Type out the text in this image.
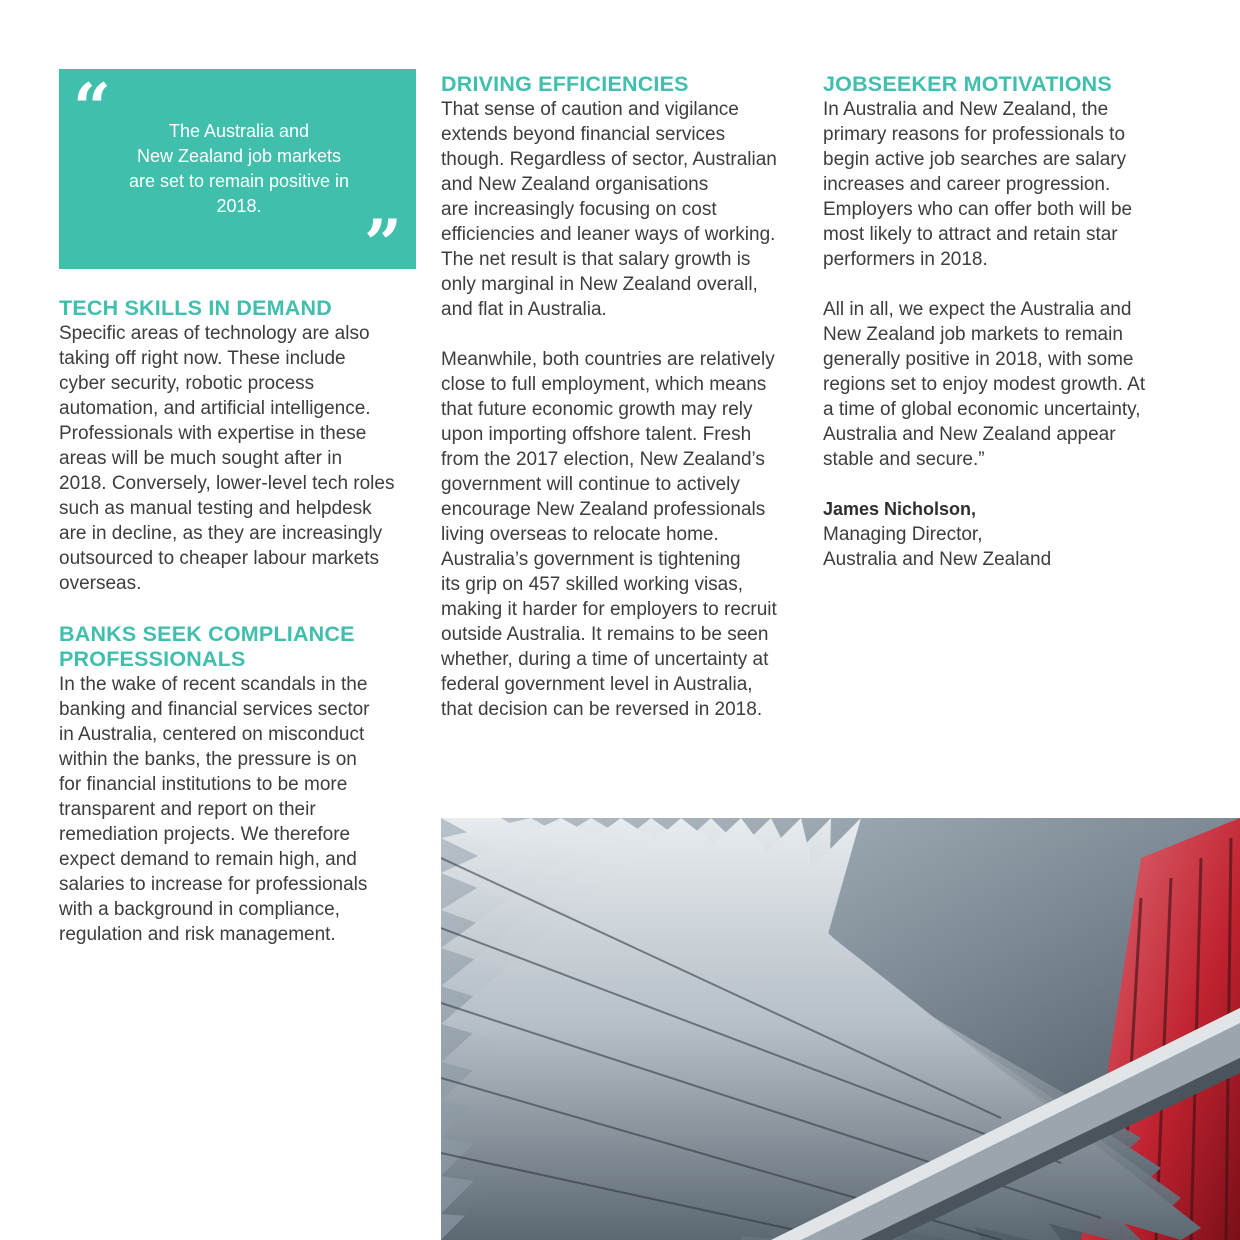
“	The Australia and
New Zealand job markets
are set to remain positive in
2018.	”
TECH SKILLS IN DEMAND

Specific areas of technology are also
taking off right now. These include
cyber security, robotic process
automation, and artificial intelligence.
Professionals with expertise in these
areas will be much sought after in
2018. Conversely, lower-level tech roles
such as manual testing and helpdesk
are in decline, as they are increasingly
outsourced to cheaper labour markets
overseas.

BANKS SEEK COMPLIANCE
PROFESSIONALS

In the wake of recent scandals in the
banking and financial services sector
in Australia, centered on misconduct
within the banks, the pressure is on
for financial institutions to be more
transparent and report on their
remediation projects. We therefore
expect demand to remain high, and
salaries to increase for professionals
with a background in compliance,
regulation and risk management.

DRIVING EFFICIENCIES

That sense of caution and vigilance
extends beyond financial services
though. Regardless of sector, Australian
and New Zealand organisations
are increasingly focusing on cost
efficiencies and leaner ways of working.
The net result is that salary growth is
only marginal in New Zealand overall,
and flat in Australia.

Meanwhile, both countries are relatively
close to full employment, which means
that future economic growth may rely
upon importing offshore talent. Fresh
from the 2017 election, New Zealand’s
government will continue to actively
encourage New Zealand professionals
living overseas to relocate home.
Australia’s government is tightening
its grip on 457 skilled working visas,
making it harder for employers to recruit
outside Australia. It remains to be seen
whether, during a time of uncertainty at
federal government level in Australia,
that decision can be reversed in 2018.

JOBSEEKER MOTIVATIONS

In Australia and New Zealand, the
primary reasons for professionals to
begin active job searches are salary
increases and career progression.
Employers who can offer both will be
most likely to attract and retain star
performers in 2018.

All in all, we expect the Australia and
New Zealand job markets to remain
generally positive in 2018, with some
regions set to enjoy modest growth. At
a time of global economic uncertainty,
Australia and New Zealand appear
stable and secure.”

James Nicholson,

Managing Director,

Australia and New Zealand
